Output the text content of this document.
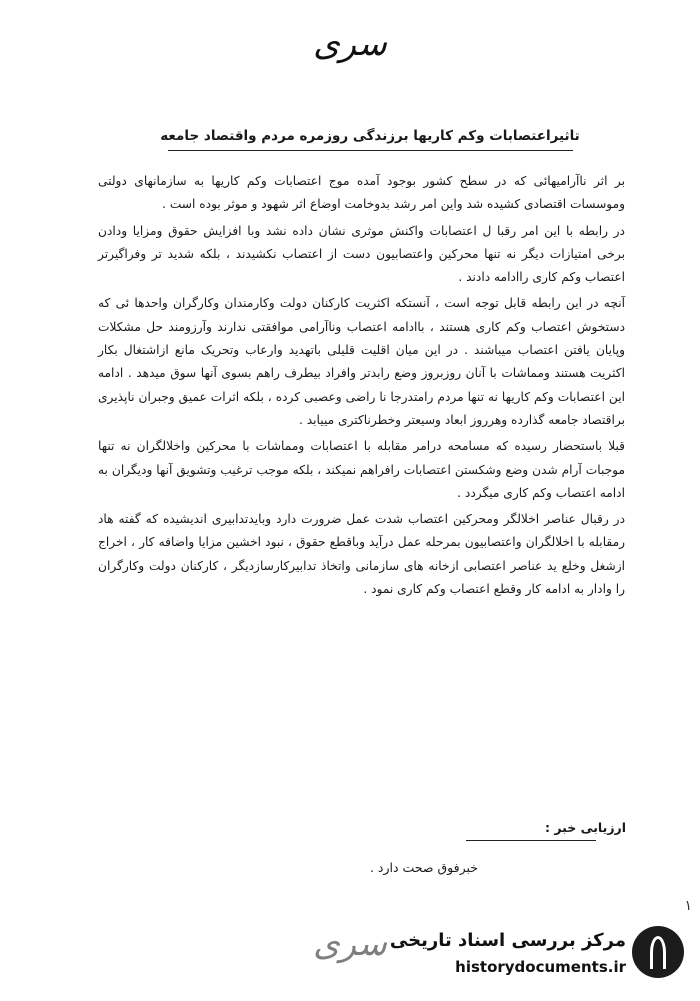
سری
تاثیراعتصابات وکم کاریها برزندگی روزمره مردم واقتصاد جامعه

بر اثر ناآرامیهائی که در سطح کشور بوجود آمده موج اعتصابات وکم کاریها به سازمانهای دولتی وموسسات اقتصادی کشیده شد واین امر رشد بدوخامت اوضاع اثر شهود و موثر بوده است .

در رابطه با این امر رقبا ل اعتصابات واکنش موثری نشان داده نشد وبا افزایش حقوق ومزایا ودادن برخی امتیازات دیگر نه تنها محرکین واعتصابیون دست از اعتصاب نکشیدند ، بلکه شدید تر وفراگیرتر اعتصاب وکم کاری راادامه دادند .

آنچه در این رابطه قابل توجه است ، آنستکه اکثریت کارکنان دولت وکارمندان وکارگران واحدها ئی که دستخوش اعتصاب وکم کاری هستند ، باادامه اعتصاب وناآرامی موافقتی ندارند وآرزومند حل مشکلات وپایان یافتن اعتصاب میباشند . در این میان اقلیت قلیلی باتهدید وارعاب وتحریک مانع ازاشتغال بکار اکثریت هستند ومماشات با آنان روزبروز وضع رابدتر وافراد بیطرف راهم بسوی آنها سوق میدهد . ادامه این اعتصابات وکم کاریها نه تنها مردم رامتدرجا نا راضی وعصبی کرده ، بلکه اثرات عمیق وجبران ناپذیری براقتصاد جامعه گذارده وهرروز ابعاد وسیعتر وخطرناکتری مییابد .

قبلا باستحضار رسیده که مسامحه درامر مقابله با اعتصابات ومماشات با محرکین واخلالگران نه تنها موجبات آرام شدن وضع وشکستن اعتصابات رافراهم نمیکند ، بلکه موجب ترغیب وتشویق آنها وديگران به ادامه اعتصاب وکم کاری میگردد .

در رقبال عناصر اخلالگر ومحرکین اعتصاب شدت عمل ضرورت دارد وبایدتدابیری اندیشیده که گفته هاد رمقابله با اخلالگران واعتصابیون بمرحله عمل درآید وباقطع حقوق ، نبود اخشین مزایا واضافه کار ، اخراج ازشغل وخلع ید عناصر اعتصابی ازخانه های سازمانی واتخاذ تدابیرکارسازدیگر ، کارکنان دولت وکارگران را وادار به ادامه کار وقطع اعتصاب وکم کاری نمود .

ارزیابی خبر :
خبرفوق صحت دارد .
۱
سری مرکز بررسی اسناد تاریخی
historydocuments.ir
